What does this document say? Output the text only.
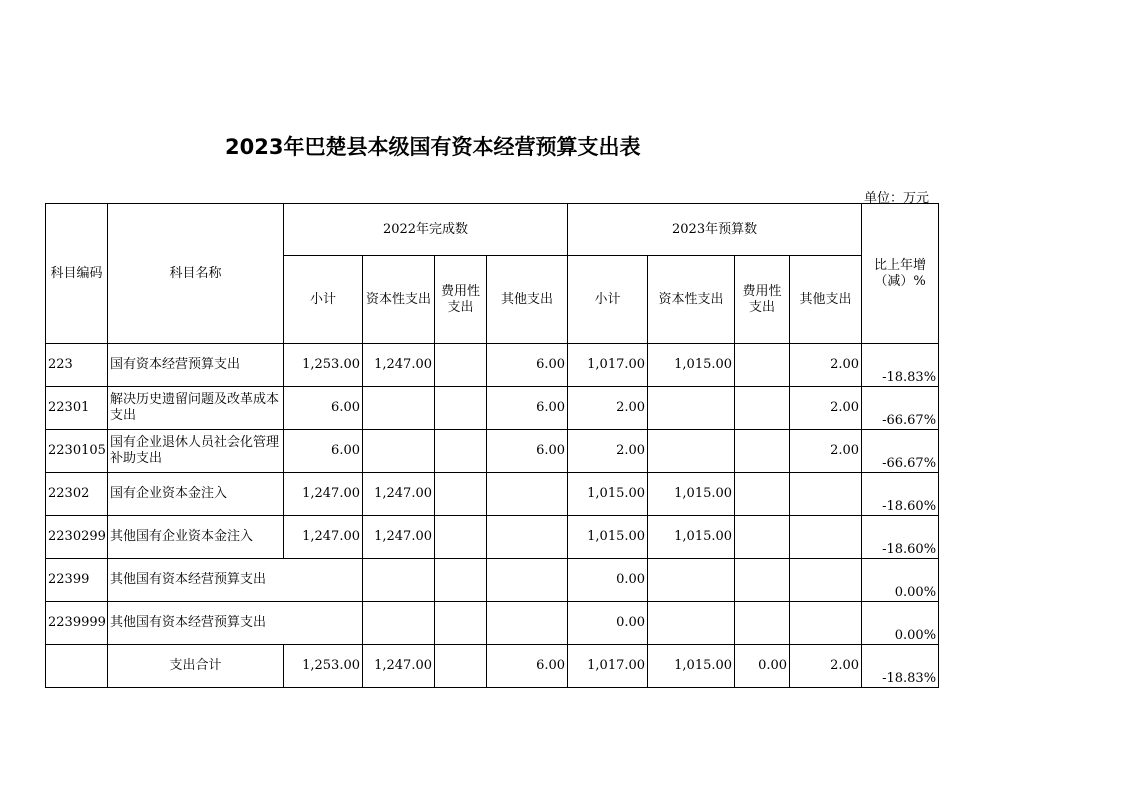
2023年巴楚县本级国有资本经营预算支出表
单位：万元
科目编码	科目名称	2022年完成数				2023年预算数				比上年增（减）%
		小计	资本性支出	费用性支出	其他支出	小计	资本性支出	费用性支出	其他支出	
223	国有资本经营预算支出	1,253.00	1,247.00		6.00	1,017.00	1,015.00		2.00	-18.83%
22301	解决历史遗留问题及改革成本支出	6.00			6.00	2.00			2.00	-66.67%
2230105	国有企业退休人员社会化管理补助支出	6.00			6.00	2.00			2.00	-66.67%
22302	国有企业资本金注入	1,247.00	1,247.00			1,015.00	1,015.00			-18.60%
2230299	其他国有企业资本金注入	1,247.00	1,247.00			1,015.00	1,015.00			-18.60%
22399	其他国有资本经营预算支出					0.00				0.00%
2239999	其他国有资本经营预算支出					0.00				0.00%
	支出合计	1,253.00	1,247.00		6.00	1,017.00	1,015.00	0.00	2.00	-18.83%
